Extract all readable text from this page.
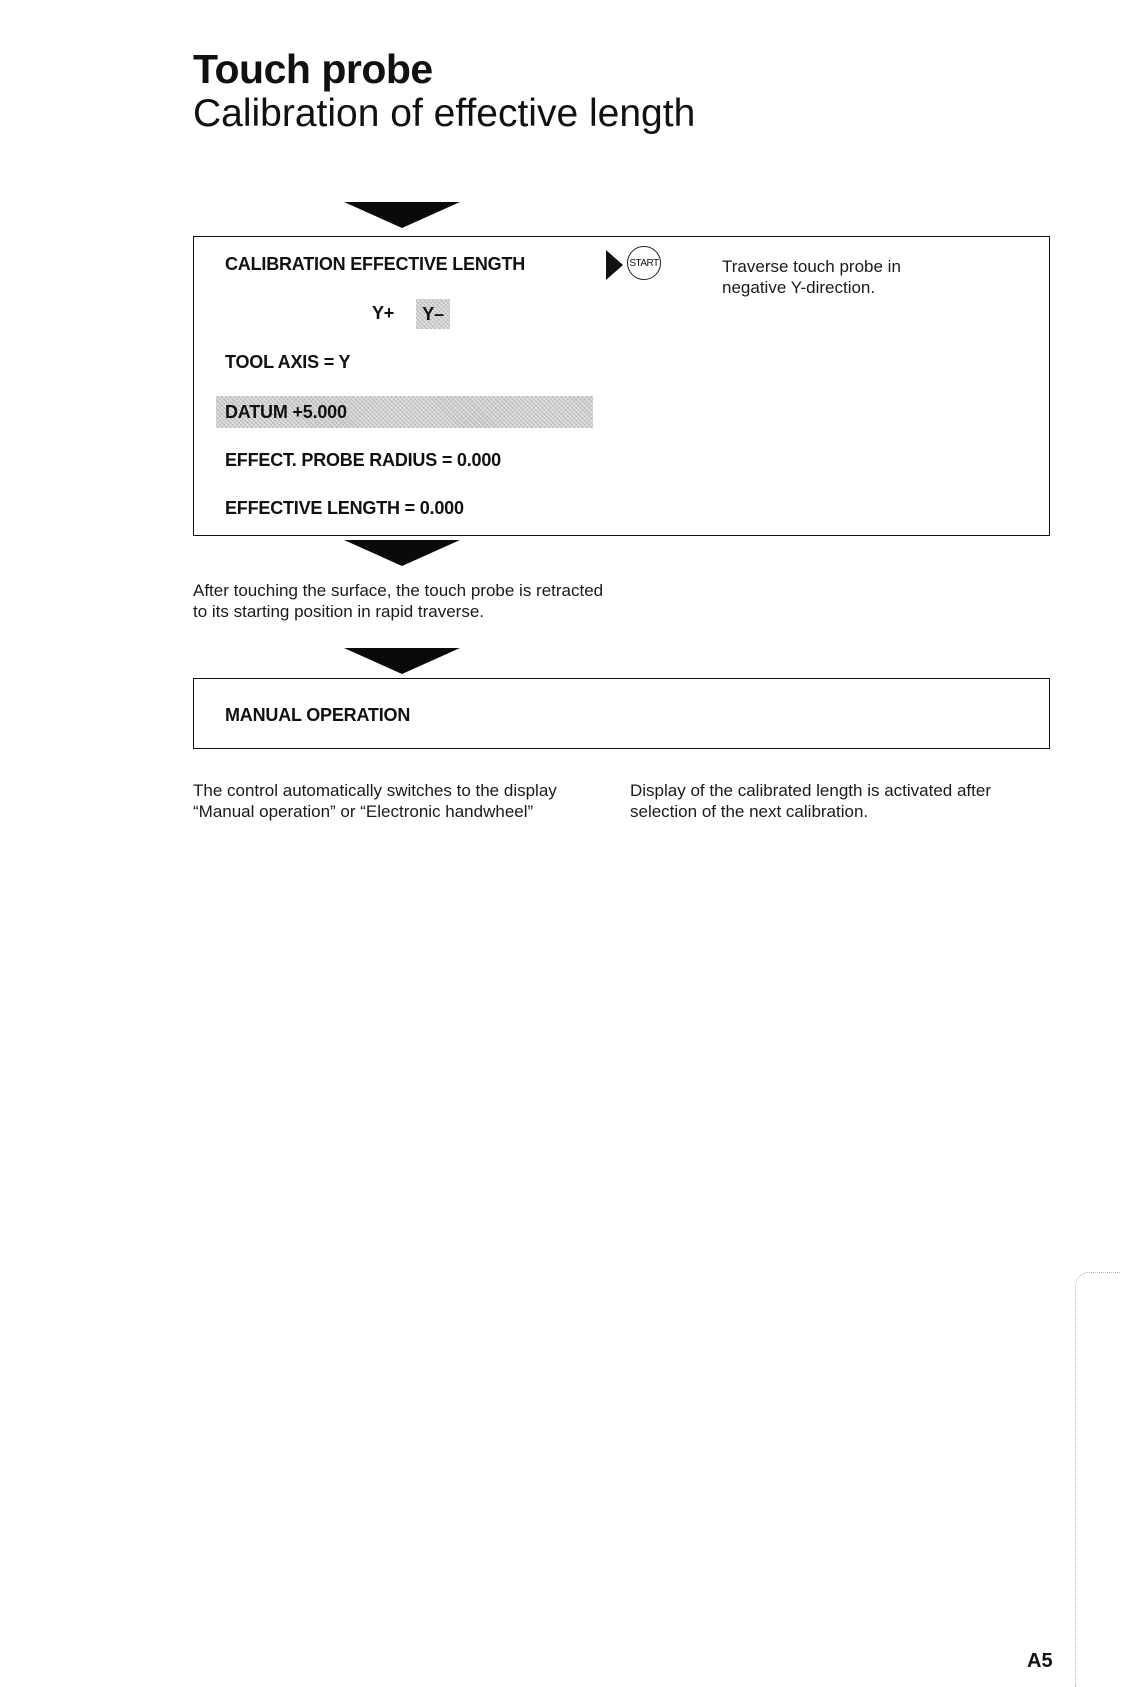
Touch probe
Calibration of effective length
CALIBRATION EFFECTIVE LENGTH
Y+	Y–
TOOL AXIS = Y
DATUM +5.000
EFFECT. PROBE RADIUS = 0.000
EFFECTIVE LENGTH = 0.000
START	Traverse touch probe in negative Y-direction.
After touching the surface, the touch probe is retracted to its starting position in rapid traverse.
MANUAL OPERATION
The control automatically switches to the display “Manual operation” or “Electronic handwheel”
Display of the calibrated length is activated after selection of the next calibration.
A5
